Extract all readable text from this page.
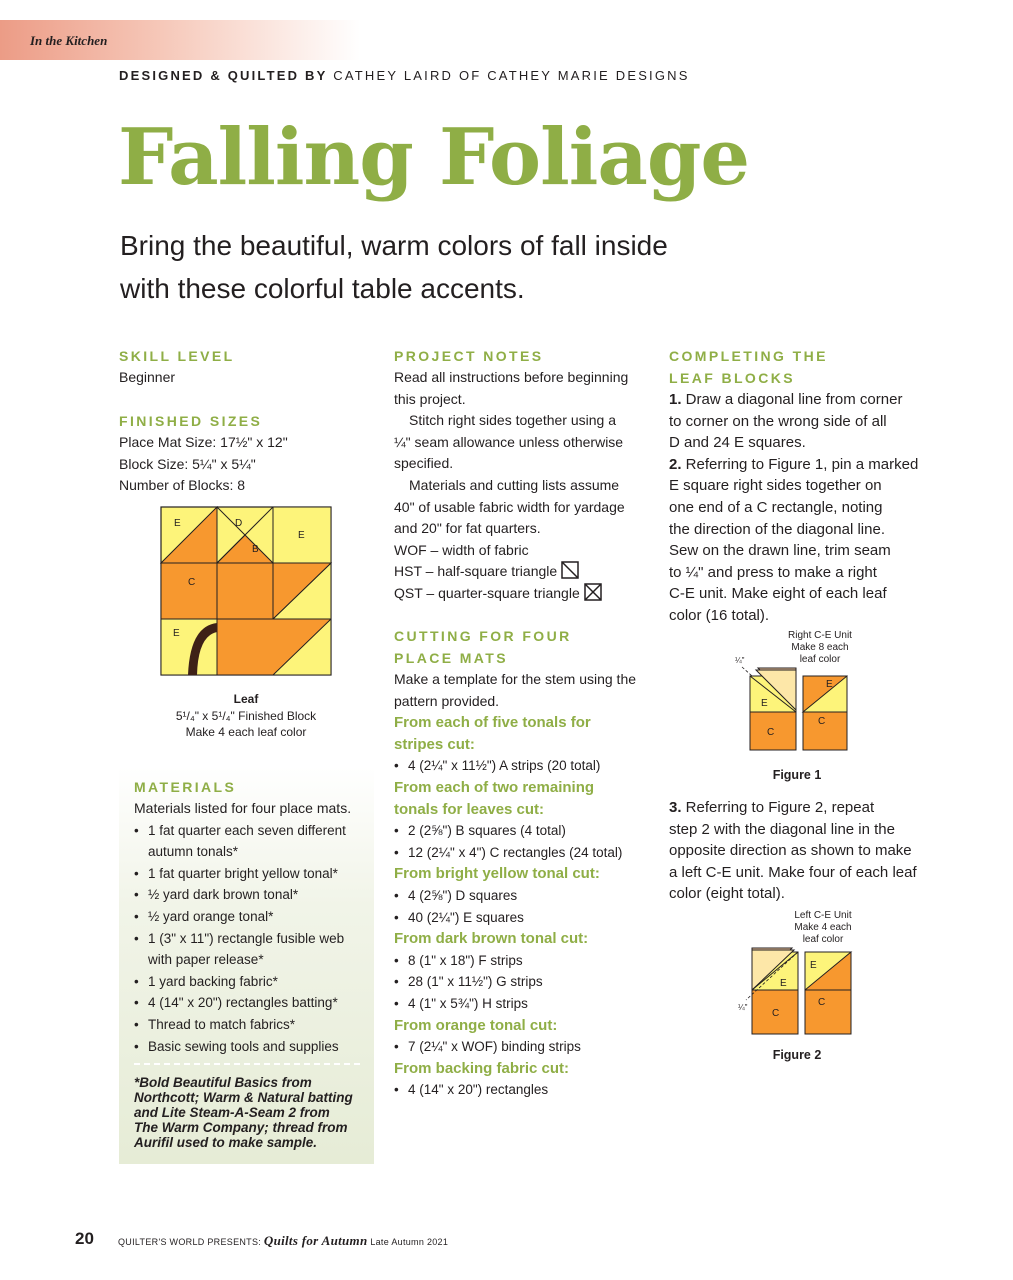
In the Kitchen
DESIGNED & QUILTED BY CATHEY LAIRD OF CATHEY MARIE DESIGNS
Falling Foliage
Bring the beautiful, warm colors of fall inside
with these colorful table accents.
SKILL LEVEL
Beginner
FINISHED SIZES
Place Mat Size: 17½" x 12"
Block Size: 5¼" x 5¼"
Number of Blocks: 8
E	D
E
B
C
E
Leaf
5¹/₄" x 5¹/₄" Finished Block
Make 4 each leaf color
MATERIALS
Materials listed for four place mats.
• 1 fat quarter each seven different
autumn tonals*
• 1 fat quarter bright yellow tonal*
• ½ yard dark brown tonal*
• ½ yard orange tonal*
• 1 (3" x 11") rectangle fusible web
with paper release*
• 1 yard backing fabric*
• 4 (14" x 20") rectangles batting*
• Thread to match fabrics*
• Basic sewing tools and supplies
*Bold Beautiful Basics from
Northcott; Warm & Natural batting
and Lite Steam-A-Seam 2 from
The Warm Company; thread from
Aurifil used to make sample.
PROJECT NOTES
Read all instructions before beginning
this project.
Stitch right sides together using a
¼" seam allowance unless otherwise
specified.
Materials and cutting lists assume
40" of usable fabric width for yardage
and 20" for fat quarters.
WOF – width of fabric
HST – half-square triangle
QST – quarter-square triangle
CUTTING FOR FOUR
PLACE MATS
Make a template for the stem using the
pattern provided.
From each of five tonals for
stripes cut:
• 4 (2¼" x 11½") A strips (20 total)
From each of two remaining
tonals for leaves cut:
• 2 (2⅝") B squares (4 total)
• 12 (2¼" x 4") C rectangles (24 total)
From bright yellow tonal cut:
• 4 (2⅝") D squares
• 40 (2¼") E squares
From dark brown tonal cut:
• 8 (1" x 18") F strips
• 28 (1" x 11½") G strips
• 4 (1" x 5¾") H strips
From orange tonal cut:
• 7 (2¼" x WOF) binding strips
From backing fabric cut:
• 4 (14" x 20") rectangles
COMPLETING THE
LEAF BLOCKS
1. Draw a diagonal line from corner
to corner on the wrong side of all
D and 24 E squares.
2. Referring to Figure 1, pin a marked
E square right sides together on
one end of a C rectangle, noting
the direction of the diagonal line.
Sew on the drawn line, trim seam
to ¼" and press to make a right
C-E unit. Make eight of each leaf
color (16 total).
Right C-E Unit
Make 8 each
leaf color
¼"
E
C
E
C
Figure 1
3. Referring to Figure 2, repeat
step 2 with the diagonal line in the
opposite direction as shown to make
a left C-E unit. Make four of each leaf
color (eight total).
Left C-E Unit
Make 4 each
leaf color
¼"
E
C
E
C
Figure 2
20	QUILTER'S WORLD PRESENTS: Quilts for Autumn Late Autumn 2021
